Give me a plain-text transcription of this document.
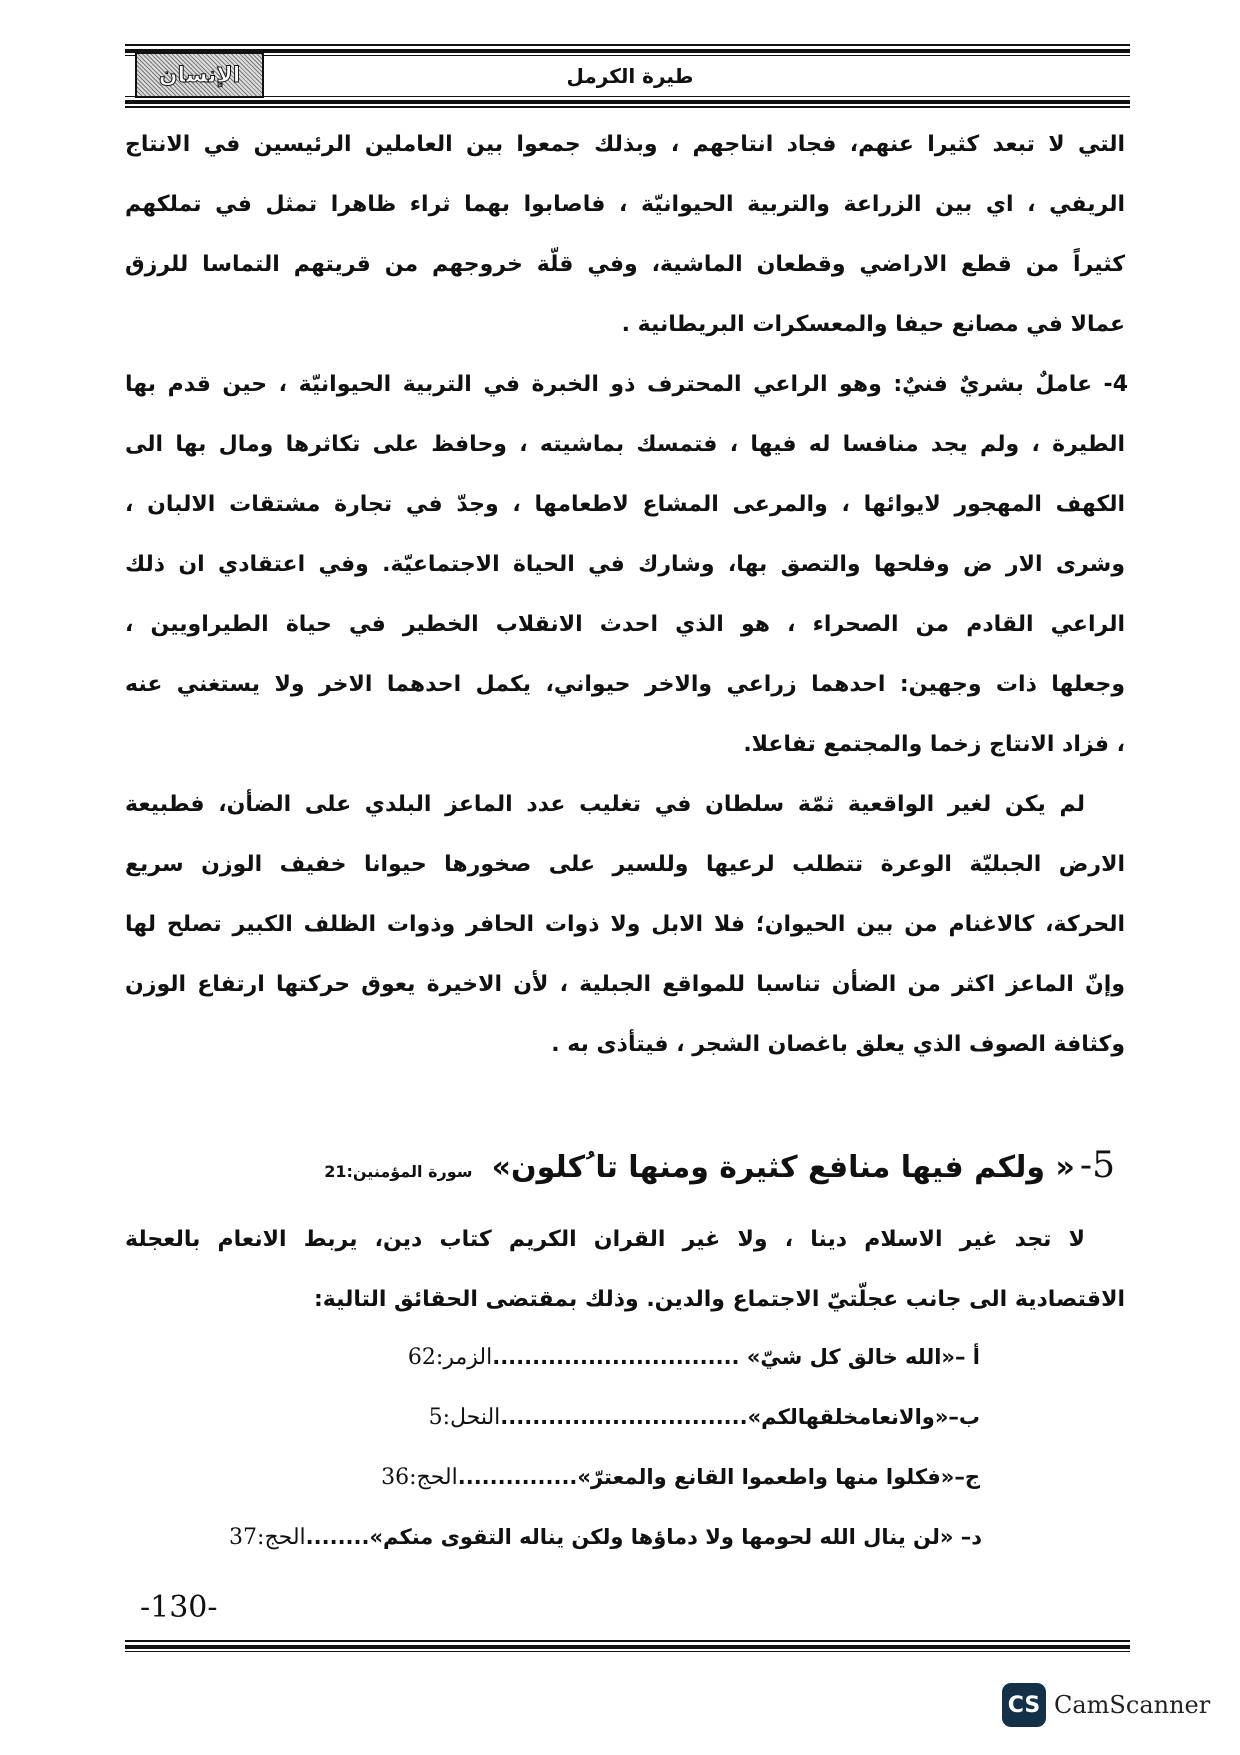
الإنسان	طيرة الكرمل
التي لا تبعد كثيرا عنهم، فجاد انتاجهم ، وبذلك جمعوا بين العاملين الرئيسين في الانتاج
الريفي ، اي بين الزراعة والتربية الحيوانيّة ، فاصابوا بهما ثراء ظاهرا تمثل في تملكهم
كثيراً من قطع الاراضي وقطعان الماشية، وفي قلّة خروجهم من قريتهم التماسا للرزق
عمالا في مصانع حيفا والمعسكرات البريطانية .
4- عاملٌ بشريٌ فنيٌ: وهو الراعي المحترف ذو الخبرة في التربية الحيوانيّة ، حين قدم بها
الطيرة ، ولم يجد منافسا له فيها ، فتمسك بماشيته ، وحافظ على تكاثرها ومال بها الى
الكهف المهجور لايوائها ، والمرعى المشاع لاطعامها ، وجدّ في تجارة مشتقات الالبان ،
وشرى الار ض وفلحها والتصق بها، وشارك في الحياة الاجتماعيّة. وفي اعتقادي ان ذلك
الراعي القادم من الصحراء ، هو الذي احدث الانقلاب الخطير في حياة الطيراويين ،
وجعلها ذات وجهين: احدهما زراعي والاخر حيواني، يكمل احدهما الاخر ولا يستغني عنه
، فزاد الانتاج زخما والمجتمع تفاعلا.
لم يكن لغير الواقعية ثمّة سلطان في تغليب عدد الماعز البلدي على الضأن، فطبيعة
الارض الجبليّة الوعرة تتطلب لرعيها وللسير على صخورها حيوانا خفيف الوزن سريع
الحركة، كالاغنام من بين الحيوان؛ فلا الابل ولا ذوات الحافر وذوات الظلف الكبير تصلح لها
وإنّ الماعز اكثر من الضأن تناسبا للمواقع الجبلية ، لأن الاخيرة يعوق حركتها ارتفاع الوزن
وكثافة الصوف الذي يعلق باغصان الشجر ، فيتأذى به .
5- « ولكم فيها منافع كثيرة ومنها تا ُكلون» سورة المؤمنين:21
لا تجد غير الاسلام دينا ، ولا غير القران الكريم كتاب دين، يربط الانعام بالعجلة
الاقتصادية الى جانب عجلّتيّ الاجتماع والدين. وذلك بمقتضى الحقائق التالية:
أ –«الله خالق كل شيّ» ...............................الزمر:62
ب–«والانعامخلقهالكم»...............................النحل:5
ج–«فكلوا منها واطعموا القانع والمعترّ»...............الحج:36
د– «لن ينال الله لحومها ولا دماؤها ولكن يناله التقوى منكم»........الحج:37
-130-
CS CamScanner
